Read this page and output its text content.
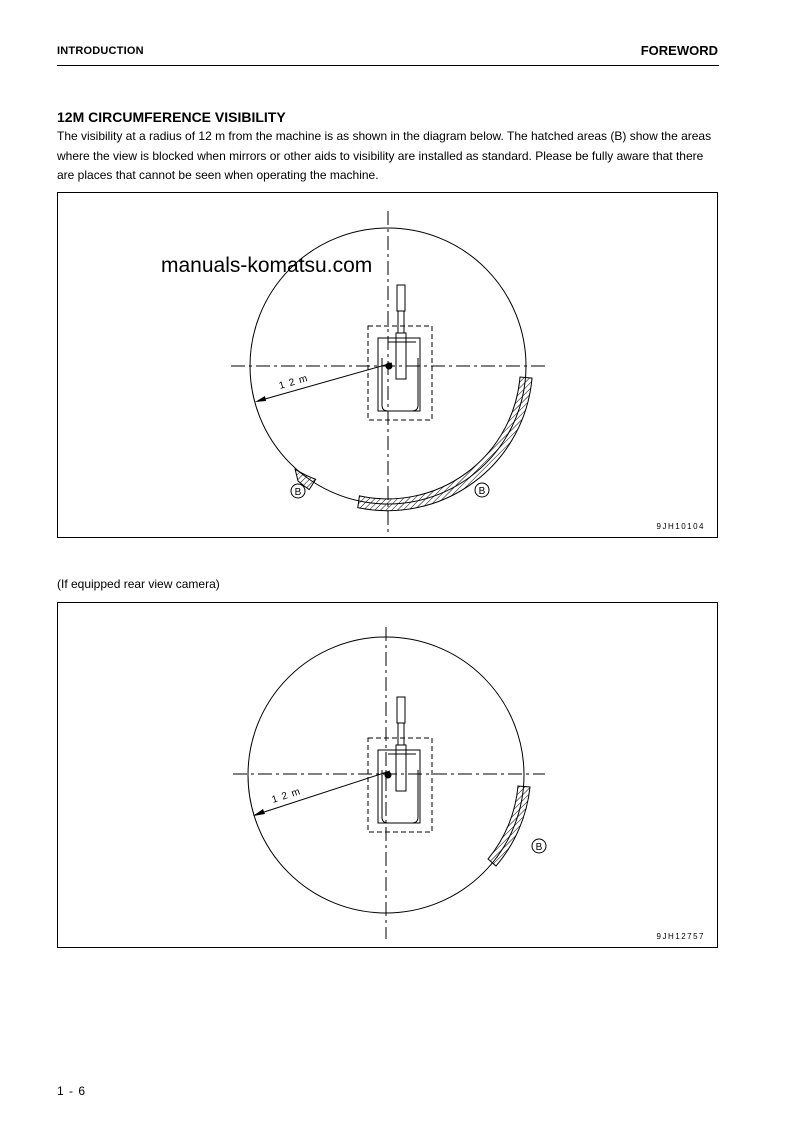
INTRODUCTION	FOREWORD
12M CIRCUMFERENCE VISIBILITY
The visibility at a radius of 12 m from the machine is as shown in the diagram below. The hatched areas (B) show the areas where the view is blocked when mirrors or other aids to visibility are installed as standard. Please be fully aware that there are places that cannot be seen when operating the machine.
1 2 m
B	B
manuals-komatsu.com
9JH10104
(If equipped rear view camera)
1 2 m
B
9JH12757
1 - 6
